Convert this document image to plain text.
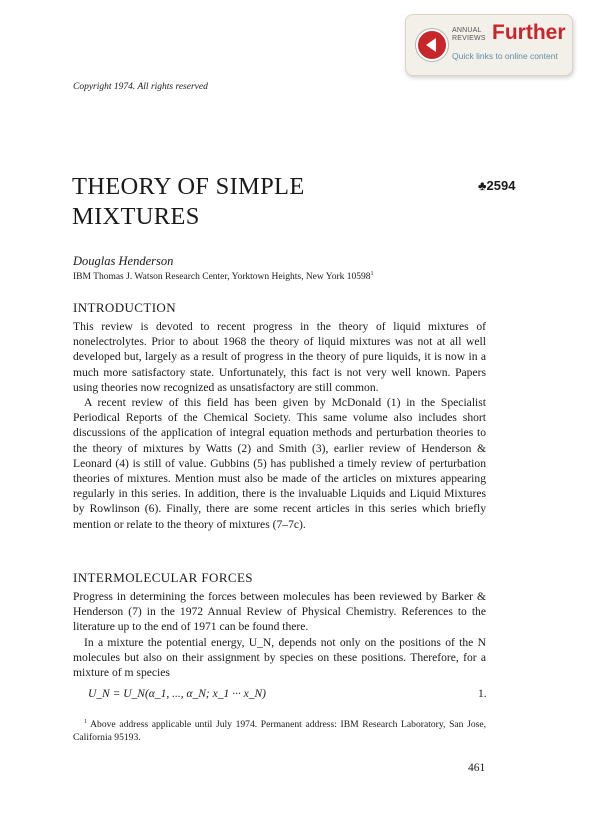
ANNUAL
REVIEWS Further
Quick links to online content
Copyright 1974. All rights reserved
THEORY OF SIMPLE MIXTURES
♣2594
Douglas Henderson
IBM Thomas J. Watson Research Center, Yorktown Heights, New York 10598$^1$
INTRODUCTION

This review is devoted to recent progress in the theory of liquid mixtures of nonelectrolytes. Prior to about 1968 the theory of liquid mixtures was not at all well developed but, largely as a result of progress in the theory of pure liquids, it is now in a much more satisfactory state. Unfortunately, this fact is not very well known. Papers using theories now recognized as unsatisfactory are still common.

A recent review of this field has been given by McDonald (1) in the Specialist Periodical Reports of the Chemical Society. This same volume also includes short discussions of the application of integral equation methods and perturbation theories to the theory of mixtures by Watts (2) and Smith (3), earlier review of Henderson & Leonard (4) is still of value. Gubbins (5) has published a timely review of perturbation theories of mixtures. Mention must also be made of the articles on mixtures appearing regularly in this series. In addition, there is the invaluable Liquids and Liquid Mixtures by Rowlinson (6). Finally, there are some recent articles in this series which briefly mention or relate to the theory of mixtures (7–7c).

INTERMOLECULAR FORCES

Progress in determining the forces between molecules has been reviewed by Barker & Henderson (7) in the 1972 Annual Review of Physical Chemistry. References to the literature up to the end of 1971 can be found there.

In a mixture the potential energy, U_N, depends not only on the positions of the N molecules but also on their assignment by species on these positions. Therefore, for a mixture of m species

U_N = U_N(α_1, ..., α_N; x_1 ··· x_N)	1.
$^1$ Above address applicable until July 1974. Permanent address: IBM Research Laboratory, San Jose, California 95193.
461
